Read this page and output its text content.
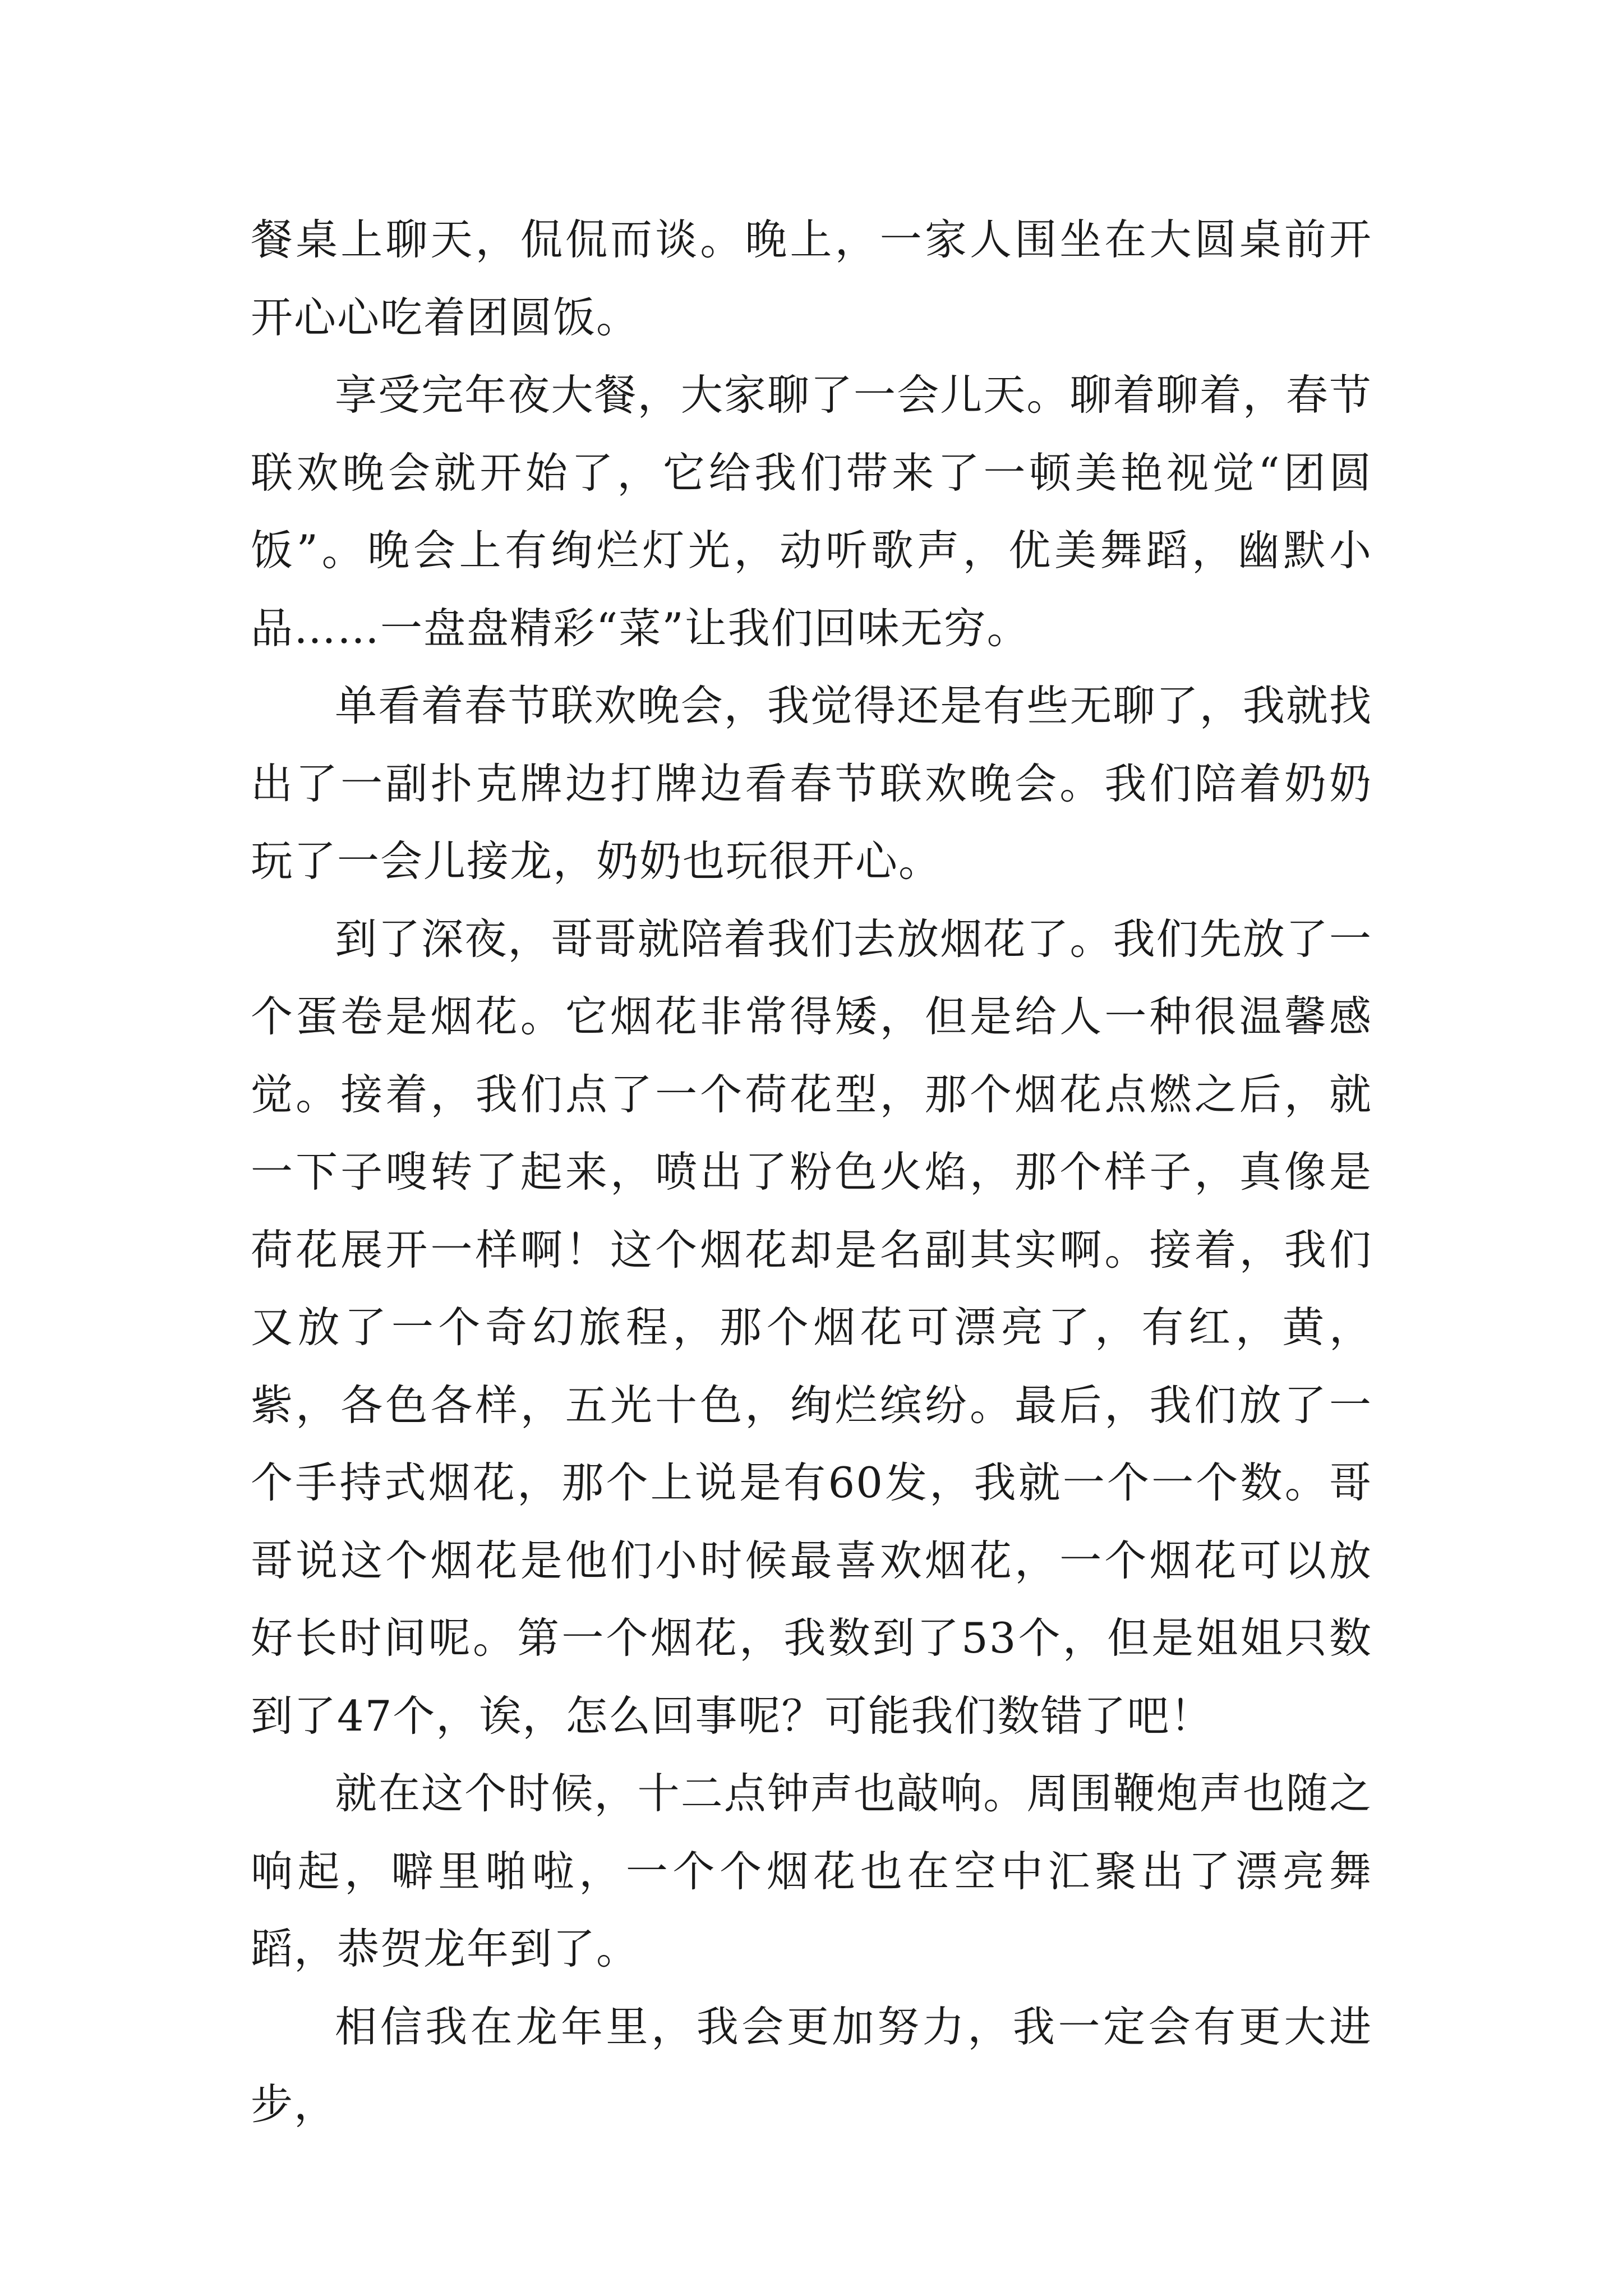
餐桌上聊天，侃侃而谈。晚上，一家人围坐在大圆桌前开开心心吃着团圆饭。

享受完年夜大餐，大家聊了一会儿天。聊着聊着，春节联欢晚会就开始了，它给我们带来了一顿美艳视觉“团圆饭”。晚会上有绚烂灯光，动听歌声，优美舞蹈，幽默小品……一盘盘精彩“菜”让我们回味无穷。

单看着春节联欢晚会，我觉得还是有些无聊了，我就找出了一副扑克牌边打牌边看春节联欢晚会。我们陪着奶奶玩了一会儿接龙，奶奶也玩很开心。

到了深夜，哥哥就陪着我们去放烟花了。我们先放了一个蛋卷是烟花。它烟花非常得矮，但是给人一种很温馨感觉。接着，我们点了一个荷花型，那个烟花点燃之后，就一下子嗖转了起来，喷出了粉色火焰，那个样子，真像是荷花展开一样啊！这个烟花却是名副其实啊。接着，我们又放了一个奇幻旅程，那个烟花可漂亮了，有红，黄，紫，各色各样，五光十色，绚烂缤纷。最后，我们放了一个手持式烟花，那个上说是有60发，我就一个一个数。哥哥说这个烟花是他们小时候最喜欢烟花，一个烟花可以放好长时间呢。第一个烟花，我数到了53个，但是姐姐只数到了47个，诶，怎么回事呢？可能我们数错了吧！

就在这个时候，十二点钟声也敲响。周围鞭炮声也随之响起，噼里啪啦，一个个烟花也在空中汇聚出了漂亮舞蹈，恭贺龙年到了。

相信我在龙年里，我会更加努力，我一定会有更大进步，
